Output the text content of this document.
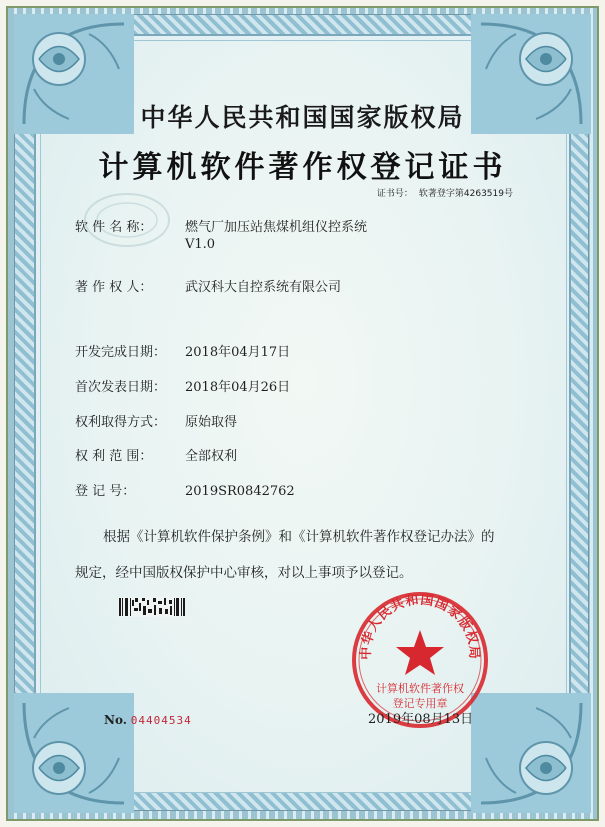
中华人民共和国国家版权局
计算机软件著作权登记证书
证书号： 软著登字第4263519号
软 件 名 称：	燃气厂加压站焦煤机组仪控系统
V1.0
著 作 权 人：	武汉科大自控系统有限公司
开发完成日期： 2018年04月17日
首次发表日期： 2018年04月26日
权利取得方式： 原始取得
权 利 范 围：	全部权利
登 记 号：	2019SR0842762
根据《计算机软件保护条例》和《计算机软件著作权登记办法》的
规定，经中国版权保护中心审核，对以上事项予以登记。
No. 04404534
中华人民共和国国家版权局
计算机软件著作权
登记专用章
2019年08月13日
